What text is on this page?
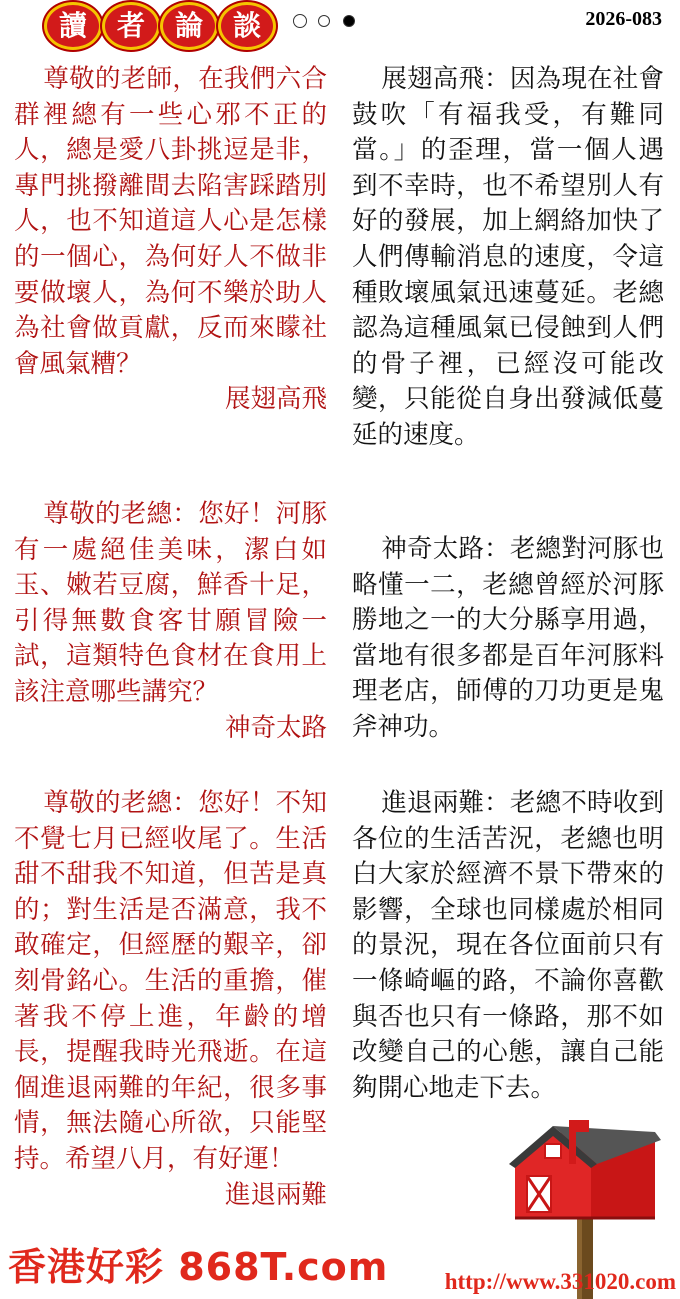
讀	者	論	談	2026-083

尊敬的老師，在我們六合群裡總有一些心邪不正的人，總是愛八卦挑逗是非，專門挑撥離間去陷害踩踏別人，也不知道這人心是怎樣的一個心，為何好人不做非要做壞人，為何不樂於助人為社會做貢獻，反而來矇社會風氣糟？

展翅高飛

尊敬的老總：您好！河豚有一處絕佳美味，潔白如玉、嫩若豆腐，鮮香十足，引得無數食客甘願冒險一試，這類特色食材在食用上該注意哪些講究？

神奇太路

尊敬的老總：您好！不知不覺七月已經收尾了。生活甜不甜我不知道，但苦是真的；對生活是否滿意，我不敢確定，但經歷的艱辛，卻刻骨銘心。生活的重擔，催著我不停上進，年齡的增長，提醒我時光飛逝。在這個進退兩難的年紀，很多事情，無法隨心所欲，只能堅持。希望八月，有好運！

進退兩難

展翅高飛：因為現在社會鼓吹「有福我受，有難同當。」的歪理，當一個人遇到不幸時，也不希望別人有好的發展，加上網絡加快了人們傳輸消息的速度，令這種敗壞風氣迅速蔓延。老總認為這種風氣已侵蝕到人們的骨子裡，已經沒可能改變，只能從自身出發減低蔓延的速度。

神奇太路：老總對河豚也略懂一二，老總曾經於河豚勝地之一的大分縣享用過，當地有很多都是百年河豚料理老店，師傅的刀功更是鬼斧神功。

進退兩難：老總不時收到各位的生活苦況，老總也明白大家於經濟不景下帶來的影響，全球也同樣處於相同的景況，現在各位面前只有一條崎嶇的路，不論你喜歡與否也只有一條路，那不如改變自己的心態，讓自己能夠開心地走下去。

香港好彩 868T.com http://www.331020.com
